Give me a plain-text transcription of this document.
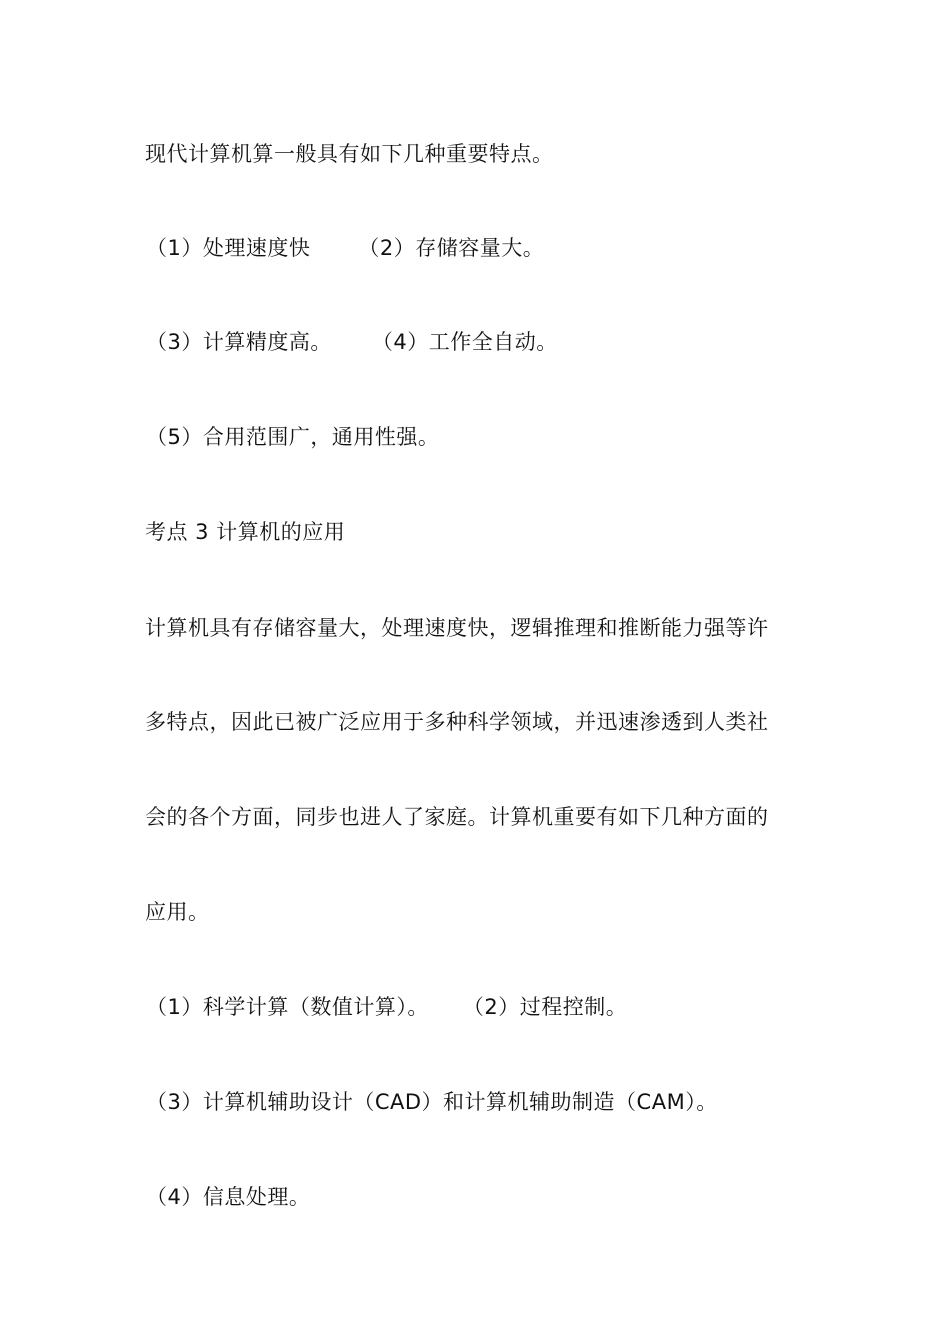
现代计算机算一般具有如下几种重要特点。
（1）处理速度快 （2）存储容量大。
（3）计算精度高。 （4）工作全自动。
（5）合用范围广，通用性强。
考点 3 计算机的应用
计算机具有存储容量大，处理速度快，逻辑推理和推断能力强等许
多特点，因此已被广泛应用于多种科学领域，并迅速渗透到人类社
会的各个方面，同步也进人了家庭。计算机重要有如下几种方面的
应用。
（1）科学计算（数值计算）。 （2）过程控制。
（3）计算机辅助设计（CAD）和计算机辅助制造（CAM）。
（4）信息处理。
